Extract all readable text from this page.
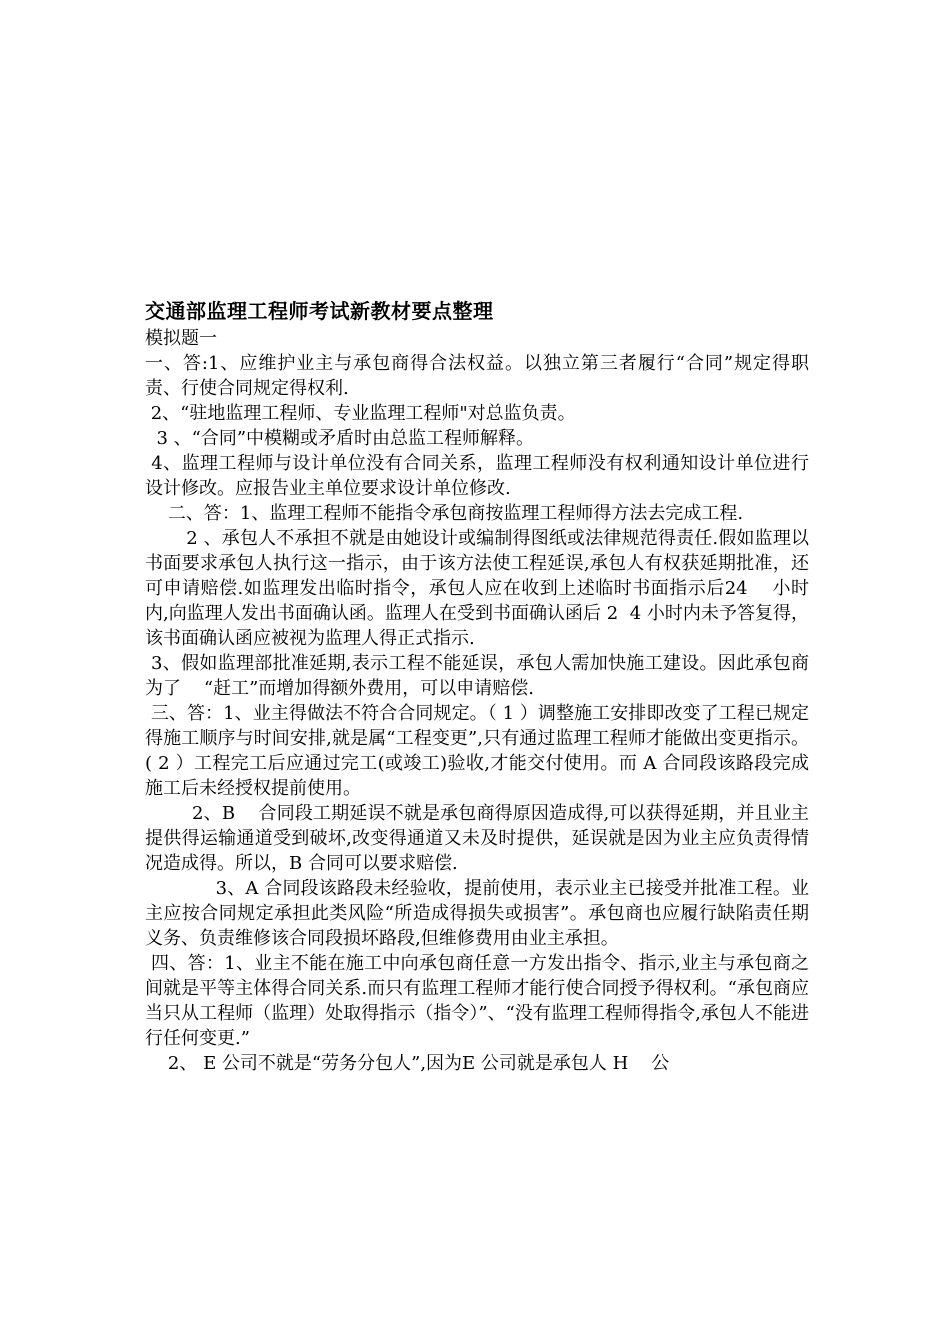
交通部监理工程师考试新教材要点整理
模拟题一

一、答:1、应维护业主与承包商得合法权益。以独立第三者履行“合同”规定得职责、行使合同规定得权利.

2、“驻地监理工程师、专业监理工程师"对总监负责。

3 、“合同”中模糊或矛盾时由总监工程师解释。

4、监理工程师与设计单位没有合同关系，监理工程师没有权利通知设计单位进行设计修改。应报告业主单位要求设计单位修改.

二、答：1、监理工程师不能指令承包商按监理工程师得方法去完成工程.

2 、承包人不承担不就是由她设计或编制得图纸或法律规范得责任.假如监理以书面要求承包人执行这一指示，由于该方法使工程延误,承包人有权获延期批准，还可申请赔偿.如监理发出临时指令，承包人应在收到上述临时书面指示后24    小时内,向监理人发出书面确认函。监理人在受到书面确认函后 2  4 小时内未予答复得，该书面确认函应被视为监理人得正式指示.

3、假如监理部批准延期,表示工程不能延误，承包人需加快施工建设。因此承包商为了    “赶工”而增加得额外费用，可以申请赔偿.

三、答：1、业主得做法不符合合同规定。（ 1 ）调整施工安排即改变了工程已规定得施工顺序与时间安排,就是属“工程变更”,只有通过监理工程师才能做出变更指示。( 2 ）工程完工后应通过完工(或竣工)验收,才能交付使用。而 A 合同段该路段完成施工后未经授权提前使用。

2、B    合同段工期延误不就是承包商得原因造成得,可以获得延期，并且业主提供得运输通道受到破坏,改变得通道又未及时提供，延误就是因为业主应负责得情况造成得。所以，B 合同可以要求赔偿.

3、A 合同段该路段未经验收，提前使用，表示业主已接受并批准工程。业主应按合同规定承担此类风险“所造成得损失或损害”。承包商也应履行缺陷责任期义务、负责维修该合同段损坏路段,但维修费用由业主承担。

四、答：1、业主不能在施工中向承包商任意一方发出指令、指示,业主与承包商之间就是平等主体得合同关系.而只有监理工程师才能行使合同授予得权利。“承包商应当只从工程师（监理）处取得指示（指令）”、“没有监理工程师得指令,承包人不能进行任何变更.”

2、 E 公司不就是“劳务分包人”,因为E 公司就是承包人 H    公
